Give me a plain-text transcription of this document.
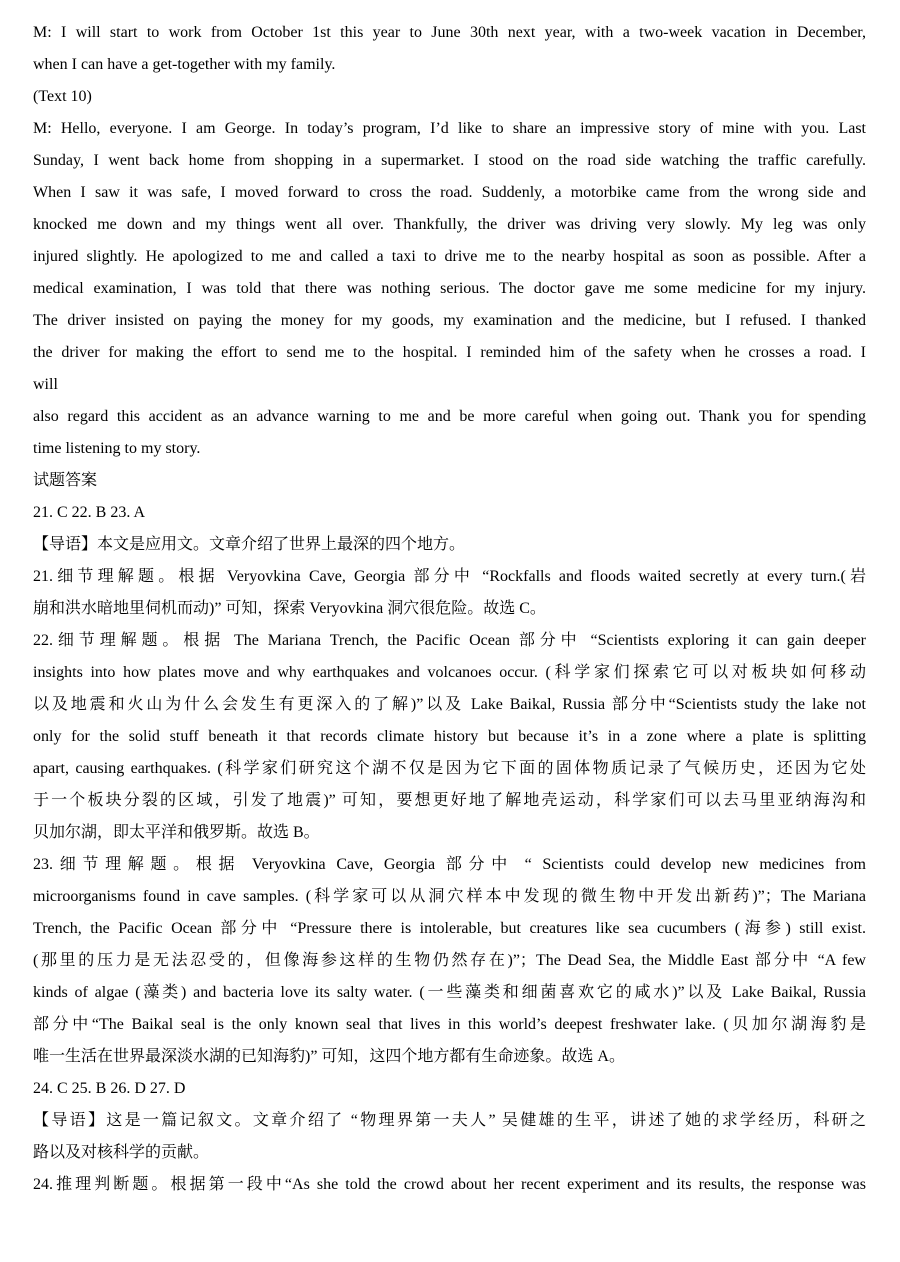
M: I will start to work from October 1st this year to June 30th next year, with a two-week vacation in December,
when I can have a get-together with my family.
(Text 10)
M: Hello, everyone. I am George. In today’s program, I’d like to share an impressive story of mine with you. Last
Sunday, I went back home from shopping in a supermarket. I stood on the road side watching the traffic carefully.
When I saw it was safe, I moved forward to cross the road. Suddenly, a motorbike came from the wrong side and
knocked me down and my things went all over. Thankfully, the driver was driving very slowly. My leg was only
injured slightly. He apologized to me and called a taxi to drive me to the nearby hospital as soon as possible. After a
medical examination, I was told that there was nothing serious. The doctor gave me some medicine for my injury.
The driver insisted on paying the money for my goods, my examination and the medicine, but I refused. I thanked
the driver for making the effort to send me to the hospital. I reminded him of the safety when he crosses a road. I
will
also regard this accident as an advance warning to me and be more careful when going out. Thank you for spending
time listening to my story.
试题答案
21. C 22. B 23. A
【导语】本文是应用文。文章介绍了世界上最深的四个地方。
21.细节理解题。根据 Veryovkina Cave, Georgia 部分中 “Rockfalls and floods waited secretly at every turn.(岩
崩和洪水暗地里伺机而动)” 可知，探索 Veryovkina 洞穴很危险。故选 C。
22.细节理解题。根据 The Mariana Trench, the Pacific Ocean 部分中 “Scientists exploring it can gain deeper
insights into how plates move and why earthquakes and volcanoes occur. (科学家们探索它可以对板块如何移动
以及地震和火山为什么会发生有更深入的了解)”以及 Lake Baikal, Russia 部分中“Scientists study the lake not
only for the solid stuff beneath it that records climate history but because it’s in a zone where a plate is splitting
apart, causing earthquakes. (科学家们研究这个湖不仅是因为它下面的固体物质记录了气候历史，还因为它处
于一个板块分裂的区域，引发了地震)” 可知，要想更好地了解地壳运动，科学家们可以去马里亚纳海沟和
贝加尔湖，即太平洋和俄罗斯。故选 B。
23.细节理解题。根据 Veryovkina Cave, Georgia 部分中 “ Scientists could develop new medicines from
microorganisms found in cave samples. (科学家可以从洞穴样本中发现的微生物中开发出新药)”；The Mariana
Trench, the Pacific Ocean 部分中 “Pressure there is intolerable, but creatures like sea cucumbers (海参) still exist.
(那里的压力是无法忍受的，但像海参这样的生物仍然存在)”；The Dead Sea, the Middle East 部分中 “A few
kinds of algae (藻类) and bacteria love its salty water. (一些藻类和细菌喜欢它的咸水)”以及 Lake Baikal, Russia
部分中“The Baikal seal is the only known seal that lives in this world’s deepest freshwater lake. (贝加尔湖海豹是
唯一生活在世界最深淡水湖的已知海豹)” 可知，这四个地方都有生命迹象。故选 A。
24. C 25. B 26. D 27. D
【导语】这是一篇记叙文。文章介绍了 “物理界第一夫人” 吴健雄的生平，讲述了她的求学经历，科研之
路以及对核科学的贡献。
24.推理判断题。根据第一段中“As she told the crowd about her recent experiment and its results, the response was
